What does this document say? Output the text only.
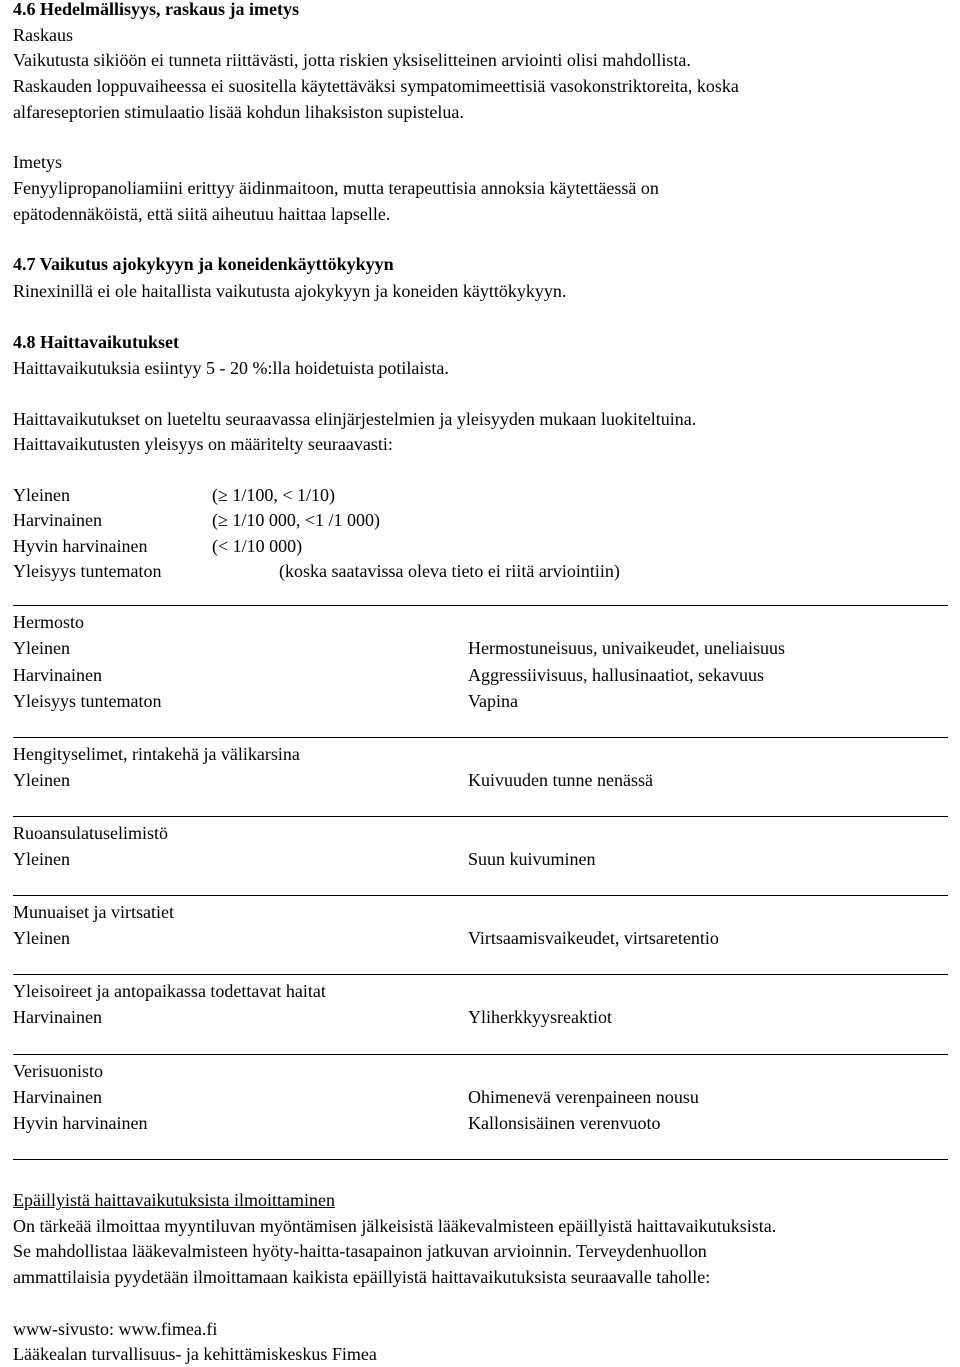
4.6 Hedelmällisyys, raskaus ja imetys
Raskaus
Vaikutusta sikiöön ei tunneta riittävästi, jotta riskien yksiselitteinen arviointi olisi mahdollista.
Raskauden loppuvaiheessa ei suositella käytettäväksi sympatomimeettisiä vasokonstriktoreita, koska
alfareseptorien stimulaatio lisää kohdun lihaksiston supistelua.
Imetys
Fenyylipropanoliamiini erittyy äidinmaitoon, mutta terapeuttisia annoksia käytettäessä on
epätodennäköistä, että siitä aiheutuu haittaa lapselle.
4.7 Vaikutus ajokykyyn ja koneidenkäyttökykyyn
Rinexinillä ei ole haitallista vaikutusta ajokykyyn ja koneiden käyttökykyyn.
4.8 Haittavaikutukset
Haittavaikutuksia esiintyy 5 - 20 %:lla hoidetuista potilaista.
Haittavaikutukset on lueteltu seuraavassa elinjärjestelmien ja yleisyyden mukaan luokiteltuina.
Haittavaikutusten yleisyys on määritelty seuraavasti:
Yleinen	(≥ 1/100, < 1/10)
Harvinainen	(≥ 1/10 000, <1 /1 000)
Hyvin harvinainen	(< 1/10 000)
Yleisyys tuntematon	(koska saatavissa oleva tieto ei riitä arviointiin)
Hermosto
Yleinen	Hermostuneisuus, univaikeudet, uneliaisuus
Harvinainen	Aggressiivisuus, hallusinaatiot, sekavuus
Yleisyys tuntematon	Vapina
Hengityselimet, rintakehä ja välikarsina
Yleinen	Kuivuuden tunne nenässä
Ruoansulatuselimistö
Yleinen	Suun kuivuminen
Munuaiset ja virtsatiet
Yleinen	Virtsaamisvaikeudet, virtsaretentio
Yleisoireet ja antopaikassa todettavat haitat
Harvinainen	Yliherkkyysreaktiot
Verisuonisto
Harvinainen	Ohimenevä verenpaineen nousu
Hyvin harvinainen	Kallonsisäinen verenvuoto
Epäillyistä haittavaikutuksista ilmoittaminen
On tärkeää ilmoittaa myyntiluvan myöntämisen jälkeisistä lääkevalmisteen epäillyistä haittavaikutuksista.
Se mahdollistaa lääkevalmisteen hyöty-haitta-tasapainon jatkuvan arvioinnin. Terveydenhuollon
ammattilaisia pyydetään ilmoittamaan kaikista epäillyistä haittavaikutuksista seuraavalle taholle:
www-sivusto: www.fimea.fi
Lääkealan turvallisuus- ja kehittämiskeskus Fimea
